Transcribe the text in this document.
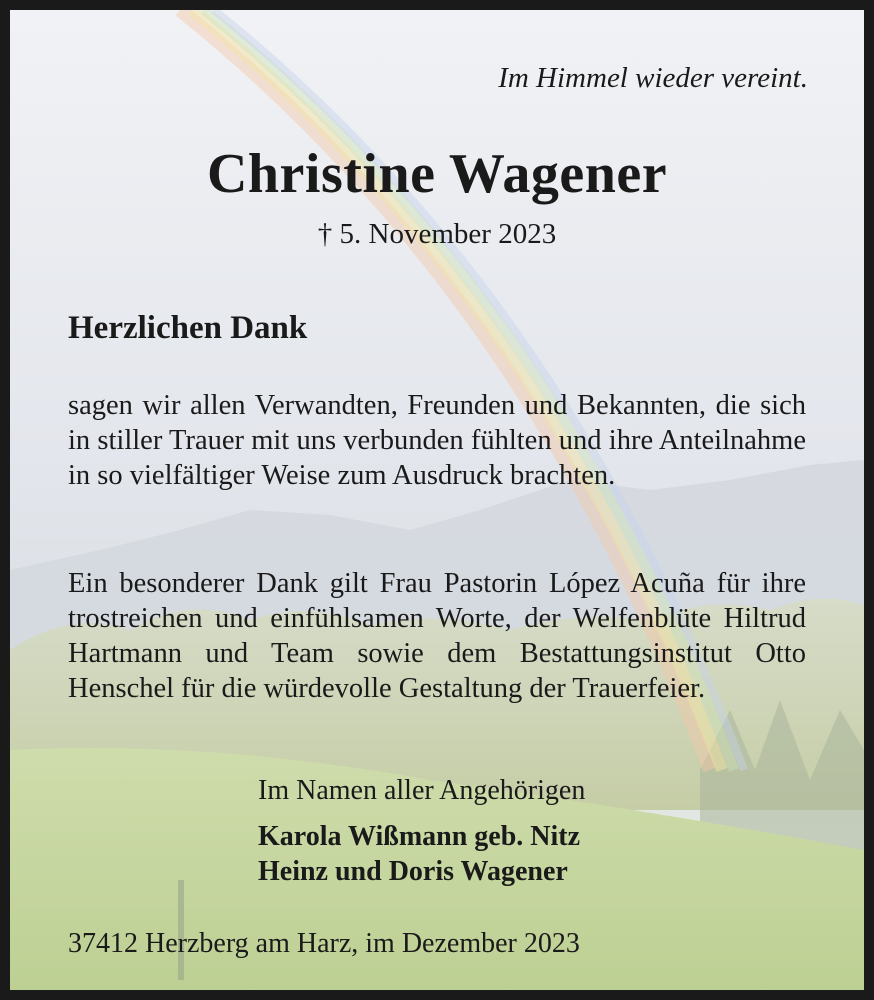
Im Himmel wieder vereint.
Christine Wagener
† 5. November 2023
Herzlichen Dank
sagen wir allen Verwandten, Freunden und Bekannten, die sich in stiller Trauer mit uns verbunden fühlten und ihre Anteilnahme in so vielfältiger Weise zum Ausdruck brachten.
Ein besonderer Dank gilt Frau Pastorin López Acuña für ihre trostreichen und einfühlsamen Worte, der Welfenblüte Hiltrud Hartmann und Team sowie dem Bestattungsinstitut Otto Henschel für die würdevolle Gestaltung der Trauerfeier.
Im Namen aller Angehörigen
Karola Wißmann geb. Nitz
Heinz und Doris Wagener
37412 Herzberg am Harz, im Dezember 2023
